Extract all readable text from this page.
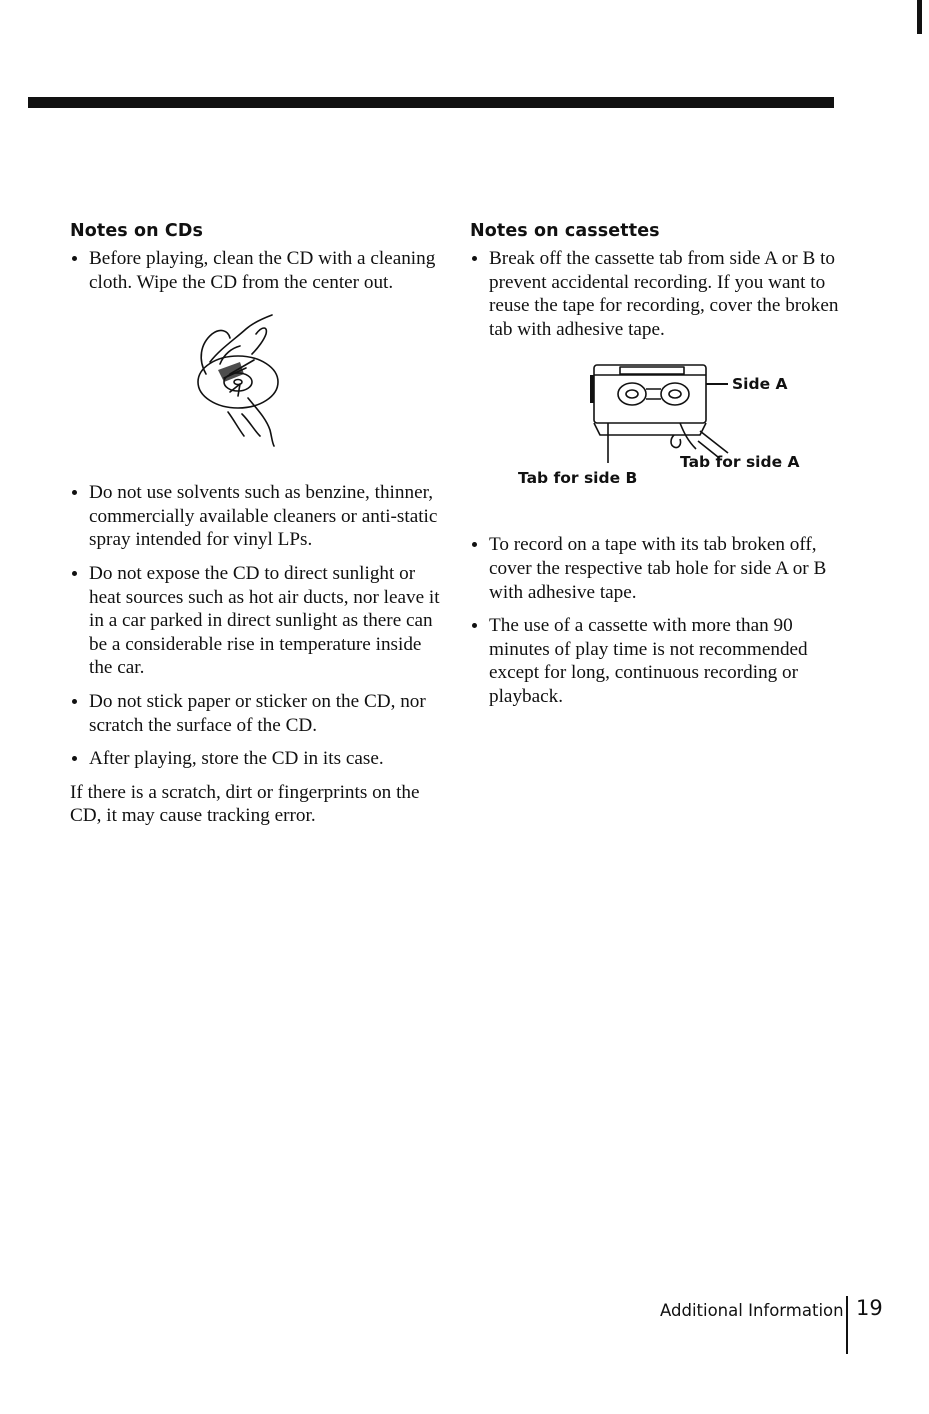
Notes on CDs
Before playing, clean the CD with a cleaning cloth. Wipe the CD from the center out.
Do not use solvents such as benzine, thinner, commercially available cleaners or anti-static spray intended for vinyl LPs.
Do not expose the CD to direct sunlight or heat sources such as hot air ducts, nor leave it in a car parked in direct sunlight as there can be a considerable rise in temperature inside the car.
Do not stick paper or sticker on the CD, nor scratch the surface of the CD.
After playing, store the CD in its case.

If there is a scratch, dirt or fingerprints on the CD, it may cause tracking error.

Notes on cassettes
Break off the cassette tab from side A or B to prevent accidental recording. If you want to reuse the tape for recording, cover the broken tab with adhesive tape.
Side A
Tab for side A
Tab for side B
To record on a tape with its tab broken off, cover the respective tab hole for side A or B with adhesive tape.
The use of a cassette with more than 90 minutes of play time is not recommended except for long, continuous recording or playback.
Additional Information 19
